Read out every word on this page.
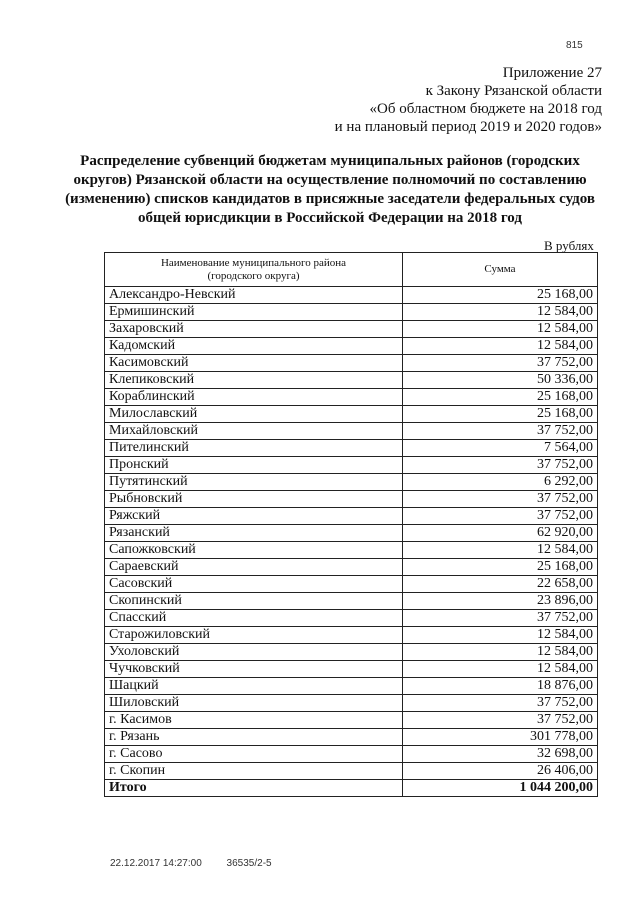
815
Приложение 27
к Закону Рязанской области
«Об областном бюджете на 2018 год
и на плановый период 2019 и 2020 годов»
Распределение субвенций бюджетам муниципальных районов (городских
округов) Рязанской области на осуществление полномочий по составлению
(изменению) списков кандидатов в присяжные заседатели федеральных судов
общей юрисдикции в Российской Федерации на 2018 год
В рублях
Наименование муниципального района
(городского округа)	Сумма
Александро-Невский	25 168,00
Ермишинский	12 584,00
Захаровский	12 584,00
Кадомский	12 584,00
Касимовский	37 752,00
Клепиковский	50 336,00
Кораблинский	25 168,00
Милославский	25 168,00
Михайловский	37 752,00
Пителинский	7 564,00
Пронский	37 752,00
Путятинский	6 292,00
Рыбновский	37 752,00
Ряжский	37 752,00
Рязанский	62 920,00
Сапожковский	12 584,00
Сараевский	25 168,00
Сасовский	22 658,00
Скопинский	23 896,00
Спасский	37 752,00
Старожиловский	12 584,00
Ухоловский	12 584,00
Чучковский	12 584,00
Шацкий	18 876,00
Шиловский	37 752,00
г. Касимов	37 752,00
г. Рязань	301 778,00
г. Сасово	32 698,00
г. Скопин	26 406,00
Итого	1 044 200,00
22.12.2017 14:27:00 36535/2-5
